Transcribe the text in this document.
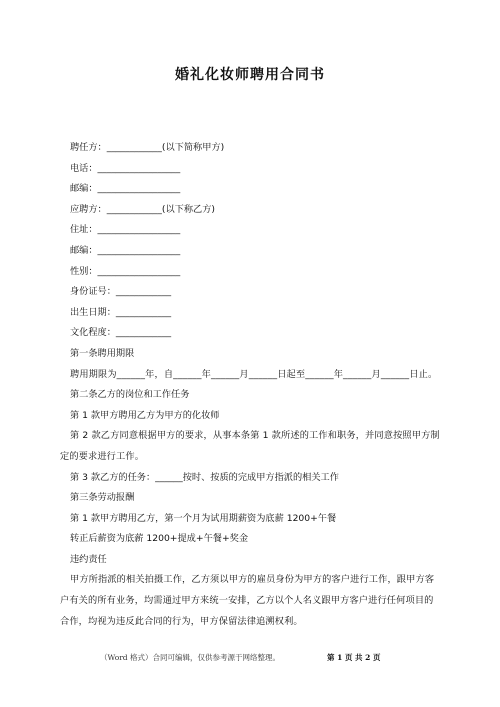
婚礼化妆师聘用合同书
聘任方：____________(以下简称甲方)
电话：__________________
邮编：__________________
应聘方：____________(以下称乙方)
住址：__________________
邮编：__________________
性别：__________________
身份证号：____________
出生日期：____________
文化程度：____________
第一条聘用期限
聘用期限为______年，自______年______月______日起至______年______月______日止。
第二条乙方的岗位和工作任务
第 1 款甲方聘用乙方为甲方的化妆师
第 2 款乙方同意根据甲方的要求，从事本条第 1 款所述的工作和职务，并同意按照甲方制定的要求进行工作。
第 3 款乙方的任务：______按时、按质的完成甲方指派的相关工作
第三条劳动报酬
第 1 款甲方聘用乙方，第一个月为试用期薪资为底薪 1200+午餐
转正后薪资为底薪 1200+提成+午餐+奖金
违约责任
甲方所指派的相关拍摄工作，乙方须以甲方的雇员身份为甲方的客户进行工作，跟甲方客户有关的所有业务，均需通过甲方来统一安排，乙方以个人名义跟甲方客户进行任何项目的合作，均视为违反此合同的行为，甲方保留法律追溯权利。
（Word 格式）合同可编辑，仅供参考源于网络整理。	第 1 页 共 2 页
